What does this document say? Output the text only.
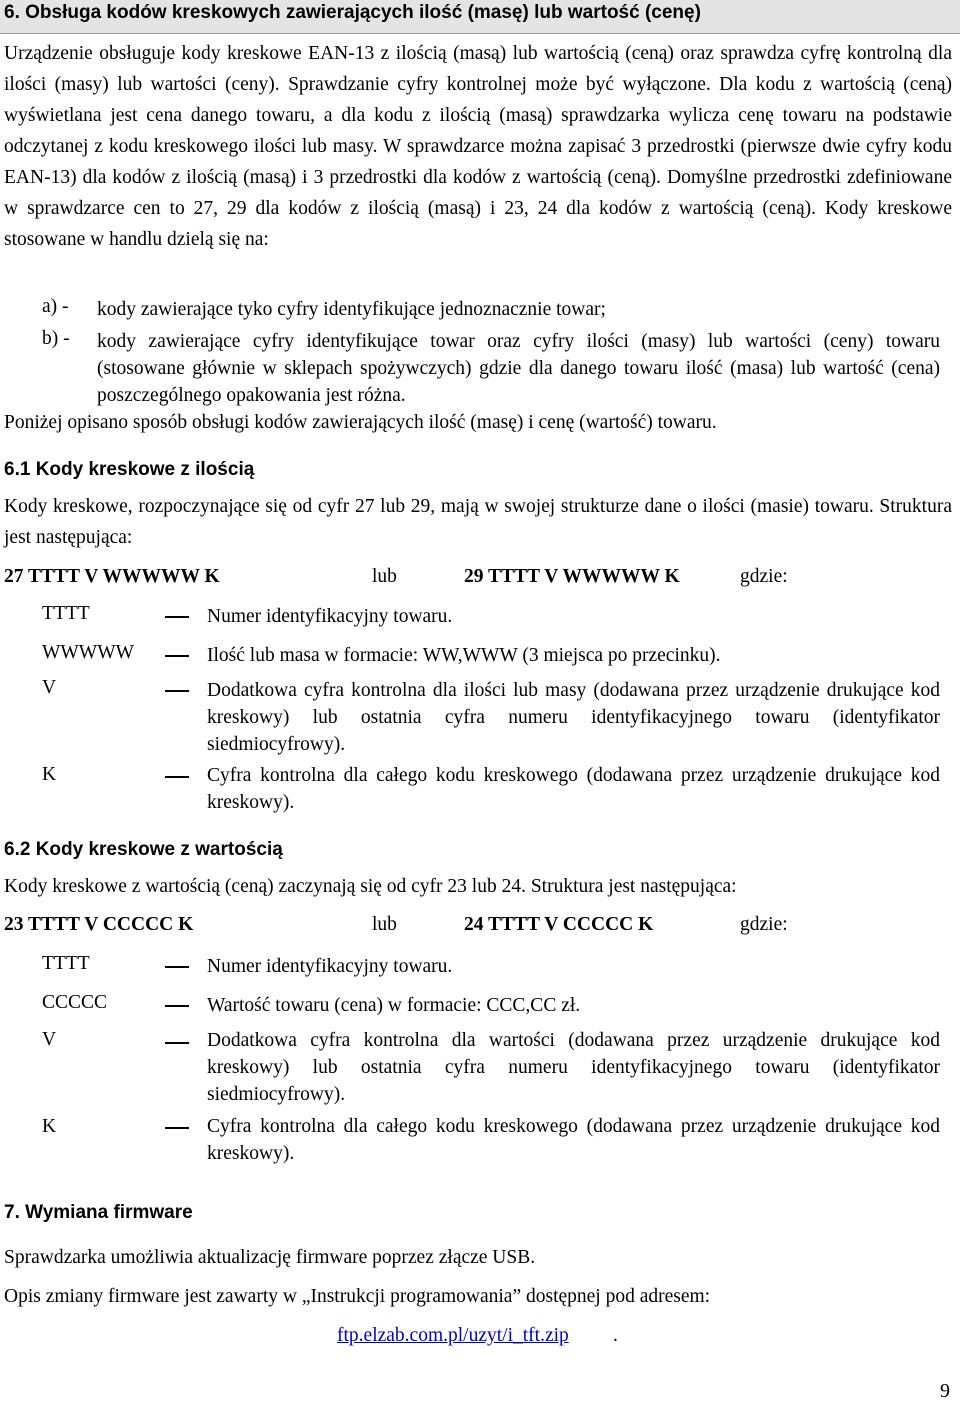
6. Obsługa kodów kreskowych zawierających ilość (masę) lub wartość (cenę)

Urządzenie obsługuje kody kreskowe EAN-13 z ilością (masą) lub wartością (ceną) oraz sprawdza cyfrę kontrolną dla ilości (masy) lub wartości (ceny). Sprawdzanie cyfry kontrolnej może być wyłączone. Dla kodu z wartością (ceną) wyświetlana jest cena danego towaru, a dla kodu z ilością (masą) sprawdzarka wylicza cenę towaru na podstawie odczytanej z kodu kreskowego ilości lub masy. W sprawdzarce można zapisać 3 przedrostki (pierwsze dwie cyfry kodu EAN-13) dla kodów z ilością (masą) i 3 przedrostki dla kodów z wartością (ceną). Domyślne przedrostki zdefiniowane w sprawdzarce cen to 27, 29 dla kodów z ilością (masą) i 23, 24 dla kodów z wartością (ceną). Kody kreskowe stosowane w handlu dzielą się na:

a) - kody zawierające tyko cyfry identyfikujące jednoznacznie towar;

b) - kody zawierające cyfry identyfikujące towar oraz cyfry ilości (masy) lub wartości (ceny) towaru (stosowane głównie w sklepach spożywczych) gdzie dla danego towaru ilość (masa) lub wartość (cena) poszczególnego opakowania jest różna.

Poniżej opisano sposób obsługi kodów zawierających ilość (masę) i cenę (wartość) towaru.
6.1 Kody kreskowe z ilością

Kody kreskowe, rozpoczynające się od cyfr 27 lub 29, mają w swojej strukturze dane o ilości (masie) towaru. Struktura jest następująca:

27 TTTT V WWWWW K	lub	29 TTTT V WWWWW K	gdzie:
TTTT	Numer identyfikacyjny towaru.

WWWWW	Ilość lub masa w formacie: WW,WWW (3 miejsca po przecinku).

V	Dodatkowa cyfra kontrolna dla ilości lub masy (dodawana przez urządzenie drukujące kod kreskowy) lub ostatnia cyfra numeru identyfikacyjnego towaru (identyfikator siedmiocyfrowy).

K	Cyfra kontrolna dla całego kodu kreskowego (dodawana przez urządzenie drukujące kod kreskowy).

6.2 Kody kreskowe z wartością
Kody kreskowe z wartością (ceną) zaczynają się od cyfr 23 lub 24. Struktura jest następująca:
23 TTTT V CCCCC K	lub	24 TTTT V CCCCC K	gdzie:
TTTT	Numer identyfikacyjny towaru.

CCCCC	Wartość towaru (cena) w formacie: CCC,CC zł.

V	Dodatkowa cyfra kontrolna dla wartości (dodawana przez urządzenie drukujące kod kreskowy) lub ostatnia cyfra numeru identyfikacyjnego towaru (identyfikator siedmiocyfrowy).

K	Cyfra kontrolna dla całego kodu kreskowego (dodawana przez urządzenie drukujące kod kreskowy).

7. Wymiana firmware
Sprawdzarka umożliwia aktualizację firmware poprzez złącze USB.
Opis zmiany firmware jest zawarty w „Instrukcji programowania” dostępnej pod adresem:
ftp.elzab.com.pl/uzyt/i_tft.zip .
9
